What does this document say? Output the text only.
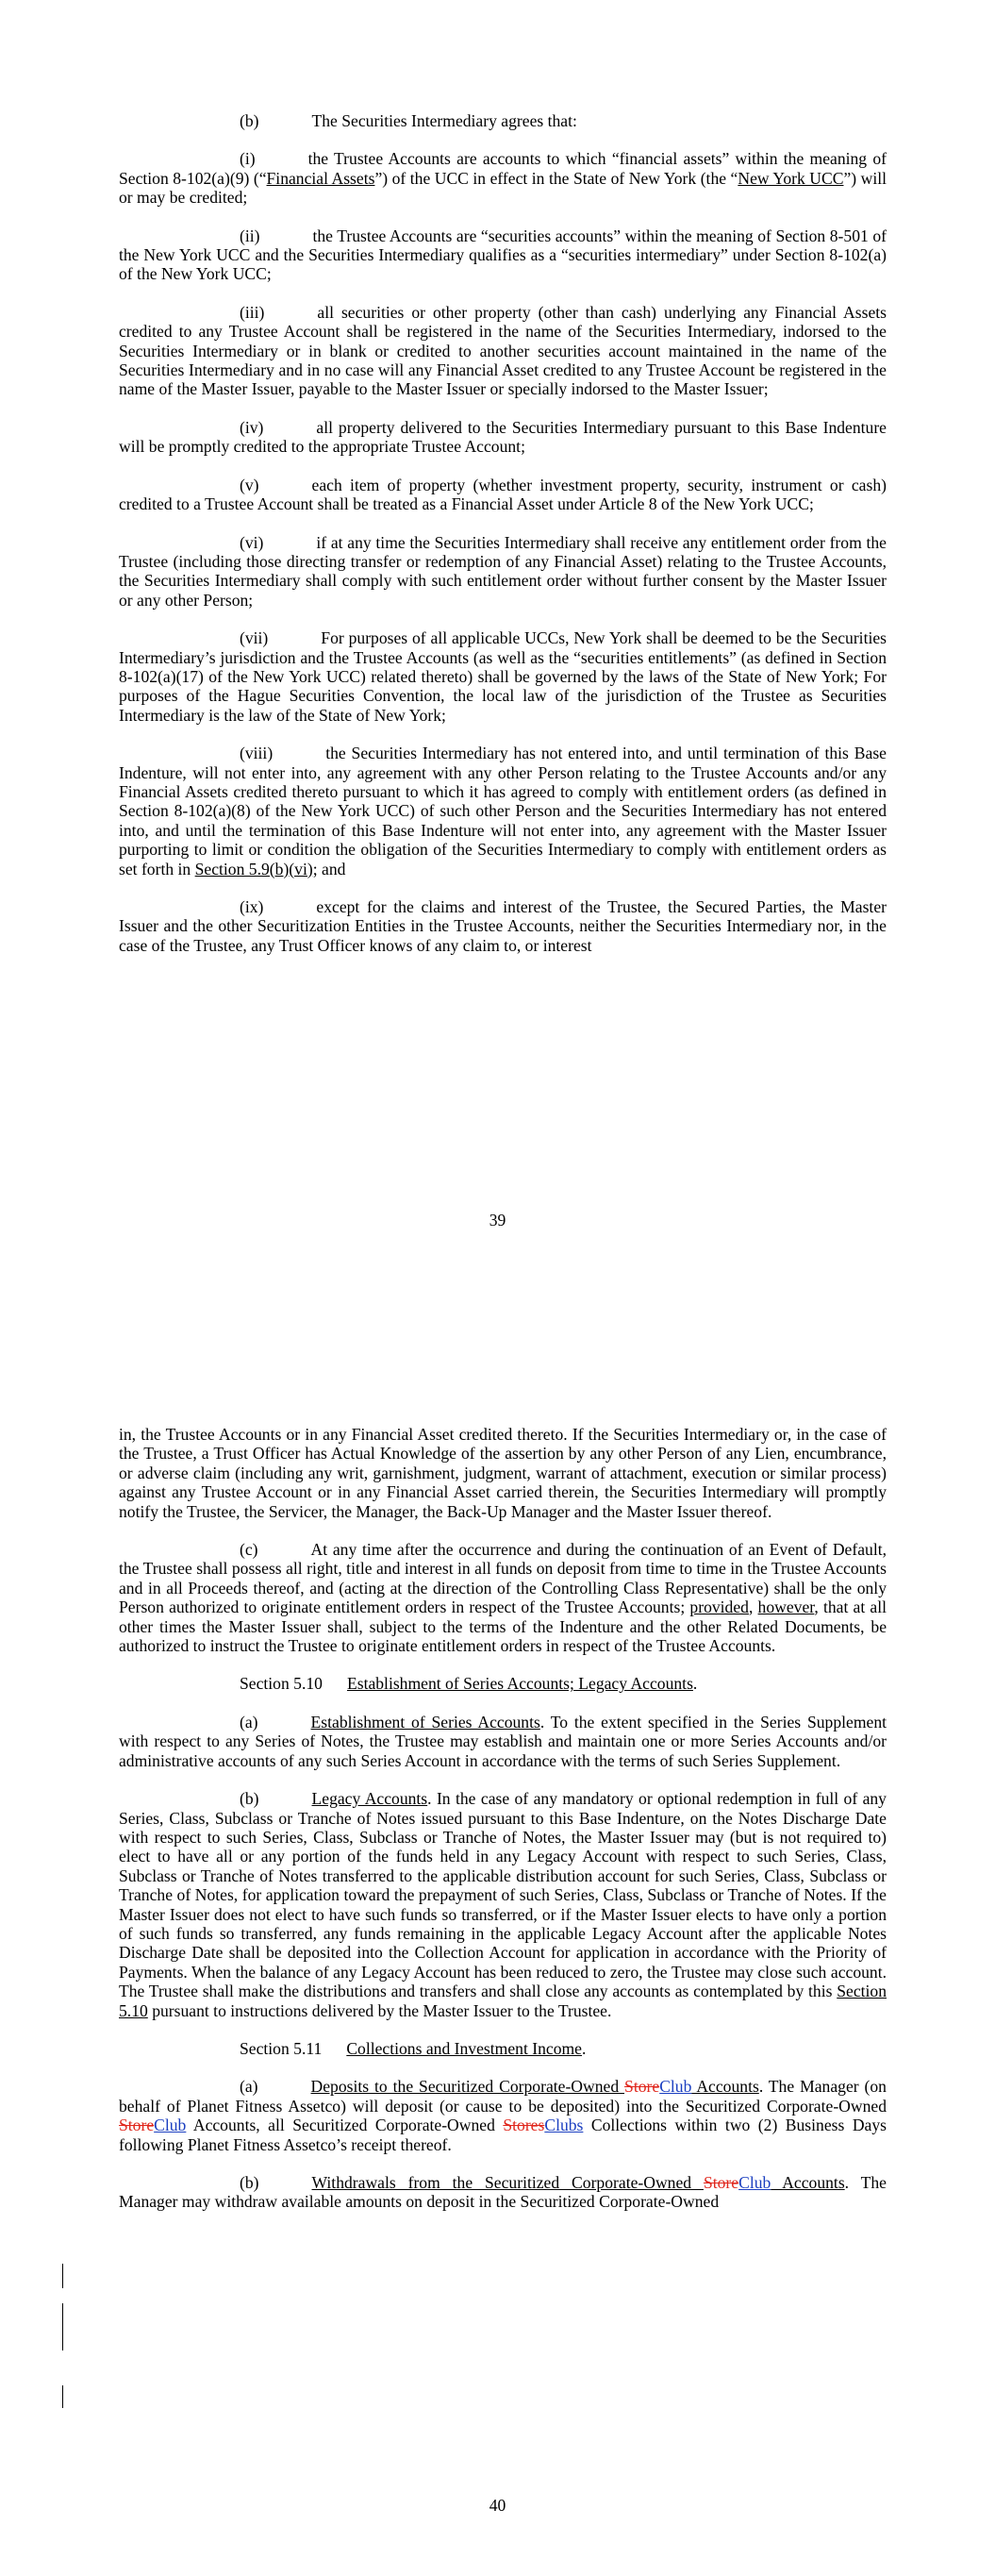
(b)	The Securities Intermediary agrees that:

(i)	the Trustee Accounts are accounts to which “financial assets” within the meaning of Section 8-102(a)(9) (“Financial Assets”) of the UCC in effect in the State of New York (the “New York UCC”) will or may be credited;

(ii)	the Trustee Accounts are “securities accounts” within the meaning of Section 8-501 of the New York UCC and the Securities Intermediary qualifies as a “securities intermediary” under Section 8-102(a) of the New York UCC;

(iii)	all securities or other property (other than cash) underlying any Financial Assets credited to any Trustee Account shall be registered in the name of the Securities Intermediary, indorsed to the Securities Intermediary or in blank or credited to another securities account maintained in the name of the Securities Intermediary and in no case will any Financial Asset credited to any Trustee Account be registered in the name of the Master Issuer, payable to the Master Issuer or specially indorsed to the Master Issuer;

(iv)	all property delivered to the Securities Intermediary pursuant to this Base Indenture will be promptly credited to the appropriate Trustee Account;

(v)	each item of property (whether investment property, security, instrument or cash) credited to a Trustee Account shall be treated as a Financial Asset under Article 8 of the New York UCC;

(vi)	if at any time the Securities Intermediary shall receive any entitlement order from the Trustee (including those directing transfer or redemption of any Financial Asset) relating to the Trustee Accounts, the Securities Intermediary shall comply with such entitlement order without further consent by the Master Issuer or any other Person;

(vii)	For purposes of all applicable UCCs, New York shall be deemed to be the Securities Intermediary’s jurisdiction and the Trustee Accounts (as well as the “securities entitlements” (as defined in Section 8-102(a)(17) of the New York UCC) related thereto) shall be governed by the laws of the State of New York; For purposes of the Hague Securities Convention, the local law of the jurisdiction of the Trustee as Securities Intermediary is the law of the State of New York;

(viii)	the Securities Intermediary has not entered into, and until termination of this Base Indenture, will not enter into, any agreement with any other Person relating to the Trustee Accounts and/or any Financial Assets credited thereto pursuant to which it has agreed to comply with entitlement orders (as defined in Section 8-102(a)(8) of the New York UCC) of such other Person and the Securities Intermediary has not entered into, and until the termination of this Base Indenture will not enter into, any agreement with the Master Issuer purporting to limit or condition the obligation of the Securities Intermediary to comply with entitlement orders as set forth in Section 5.9(b)(vi); and

(ix)	except for the claims and interest of the Trustee, the Secured Parties, the Master Issuer and the other Securitization Entities in the Trustee Accounts, neither the Securities Intermediary nor, in the case of the Trustee, any Trust Officer knows of any claim to, or interest

39

in, the Trustee Accounts or in any Financial Asset credited thereto. If the Securities Intermediary or, in the case of the Trustee, a Trust Officer has Actual Knowledge of the assertion by any other Person of any Lien, encumbrance, or adverse claim (including any writ, garnishment, judgment, warrant of attachment, execution or similar process) against any Trustee Account or in any Financial Asset carried therein, the Securities Intermediary will promptly notify the Trustee, the Servicer, the Manager, the Back-Up Manager and the Master Issuer thereof.

(c)	At any time after the occurrence and during the continuation of an Event of Default, the Trustee shall possess all right, title and interest in all funds on deposit from time to time in the Trustee Accounts and in all Proceeds thereof, and (acting at the direction of the Controlling Class Representative) shall be the only Person authorized to originate entitlement orders in respect of the Trustee Accounts; provided, however, that at all other times the Master Issuer shall, subject to the terms of the Indenture and the other Related Documents, be authorized to instruct the Trustee to originate entitlement orders in respect of the Trustee Accounts.

Section 5.10 Establishment of Series Accounts; Legacy Accounts.

(a)	Establishment of Series Accounts. To the extent specified in the Series Supplement with respect to any Series of Notes, the Trustee may establish and maintain one or more Series Accounts and/or administrative accounts of any such Series Account in accordance with the terms of such Series Supplement.

(b)	Legacy Accounts. In the case of any mandatory or optional redemption in full of any Series, Class, Subclass or Tranche of Notes issued pursuant to this Base Indenture, on the Notes Discharge Date with respect to such Series, Class, Subclass or Tranche of Notes, the Master Issuer may (but is not required to) elect to have all or any portion of the funds held in any Legacy Account with respect to such Series, Class, Subclass or Tranche of Notes transferred to the applicable distribution account for such Series, Class, Subclass or Tranche of Notes, for application toward the prepayment of such Series, Class, Subclass or Tranche of Notes. If the Master Issuer does not elect to have such funds so transferred, or if the Master Issuer elects to have only a portion of such funds so transferred, any funds remaining in the applicable Legacy Account after the applicable Notes Discharge Date shall be deposited into the Collection Account for application in accordance with the Priority of Payments. When the balance of any Legacy Account has been reduced to zero, the Trustee may close such account. The Trustee shall make the distributions and transfers and shall close any accounts as contemplated by this Section 5.10 pursuant to instructions delivered by the Master Issuer to the Trustee.

Section 5.11 Collections and Investment Income.

(a)	Deposits to the Securitized Corporate-Owned StoreClub Accounts. The Manager (on behalf of Planet Fitness Assetco) will deposit (or cause to be deposited) into the Securitized Corporate-Owned StoreClub Accounts, all Securitized Corporate-Owned StoresClubs Collections within two (2) Business Days following Planet Fitness Assetco’s receipt thereof.

(b)	Withdrawals from the Securitized Corporate-Owned StoreClub Accounts. The Manager may withdraw available amounts on deposit in the Securitized Corporate-Owned

40
